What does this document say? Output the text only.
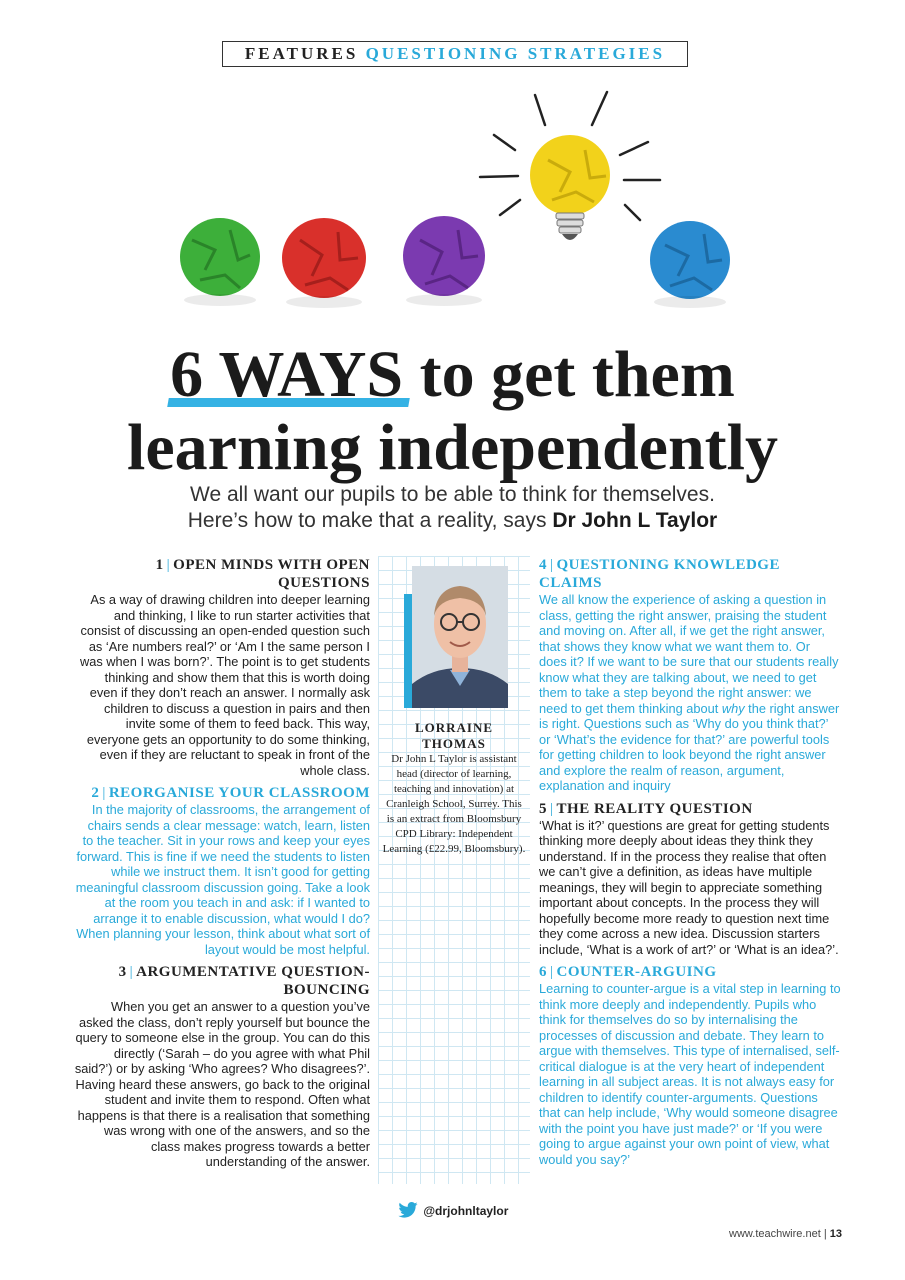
FEATURES QUESTIONING STRATEGIES
6 WAYS to get them
learning independently
We all want our pupils to be able to think for themselves.
Here’s how to make that a reality, says Dr John L Taylor
1 | OPEN MINDS WITH OPEN QUESTIONS

As a way of drawing children into deeper learning and thinking, I like to run starter activities that consist of discussing an open-ended question such as ‘Are numbers real?’ or ‘Am I the same person I was when I was born?’. The point is to get students thinking and show them that this is worth doing even if they don’t reach an answer. I normally ask children to discuss a question in pairs and then invite some of them to feed back. This way, everyone gets an opportunity to do some thinking, even if they are reluctant to speak in front of the whole class.

2 | REORGANISE YOUR CLASSROOM

In the majority of classrooms, the arrangement of chairs sends a clear message: watch, learn, listen to the teacher. Sit in your rows and keep your eyes forward. This is fine if we need the students to listen while we instruct them. It isn’t good for getting meaningful classroom discussion going. Take a look at the room you teach in and ask: if I wanted to arrange it to enable discussion, what would I do? When planning your lesson, think about what sort of layout would be most helpful.

3 | ARGUMENTATIVE QUESTION-BOUNCING

When you get an answer to a question you’ve asked the class, don’t reply yourself but bounce the query to someone else in the group. You can do this directly (‘Sarah – do you agree with what Phil said?’) or by asking ‘Who agrees? Who disagrees?’. Having heard these answers, go back to the original student and invite them to respond. Often what happens is that there is a realisation that something was wrong with one of the answers, and so the class makes progress towards a better understanding of the answer.

LORRAINE
THOMAS
Dr John L Taylor is assistant head (director of learning, teaching and innovation) at Cranleigh School, Surrey. This is an extract from Bloomsbury CPD Library: Independent Learning (£22.99, Bloomsbury).
4 | QUESTIONING KNOWLEDGE CLAIMS

We all know the experience of asking a question in class, getting the right answer, praising the student and moving on. After all, if we get the right answer, that shows they know what we want them to. Or does it? If we want to be sure that our students really know what they are talking about, we need to get them to take a step beyond the right answer: we need to get them thinking about why the right answer is right. Questions such as ‘Why do you think that?’ or ‘What’s the evidence for that?’ are powerful tools for getting children to look beyond the right answer and explore the realm of reason, argument, explanation and inquiry

5 | THE REALITY QUESTION

‘What is it?’ questions are great for getting students thinking more deeply about ideas they think they understand. If in the process they realise that often we can’t give a definition, as ideas have multiple meanings, they will begin to appreciate something important about concepts. In the process they will hopefully become more ready to question next time they come across a new idea. Discussion starters include, ‘What is a work of art?’ or ‘What is an idea?’.

6 | COUNTER-ARGUING

Learning to counter-argue is a vital step in learning to think more deeply and independently. Pupils who think for themselves do so by internalising the processes of discussion and debate. They learn to argue with themselves. This type of internalised, self-critical dialogue is at the very heart of independent learning in all subject areas. It is not always easy for children to identify counter-arguments. Questions that can help include, ‘Why would someone disagree with the point you have just made?’ or ‘If you were going to argue against your own point of view, what would you say?’

@drjohnltaylor
www.teachwire.net | 13
